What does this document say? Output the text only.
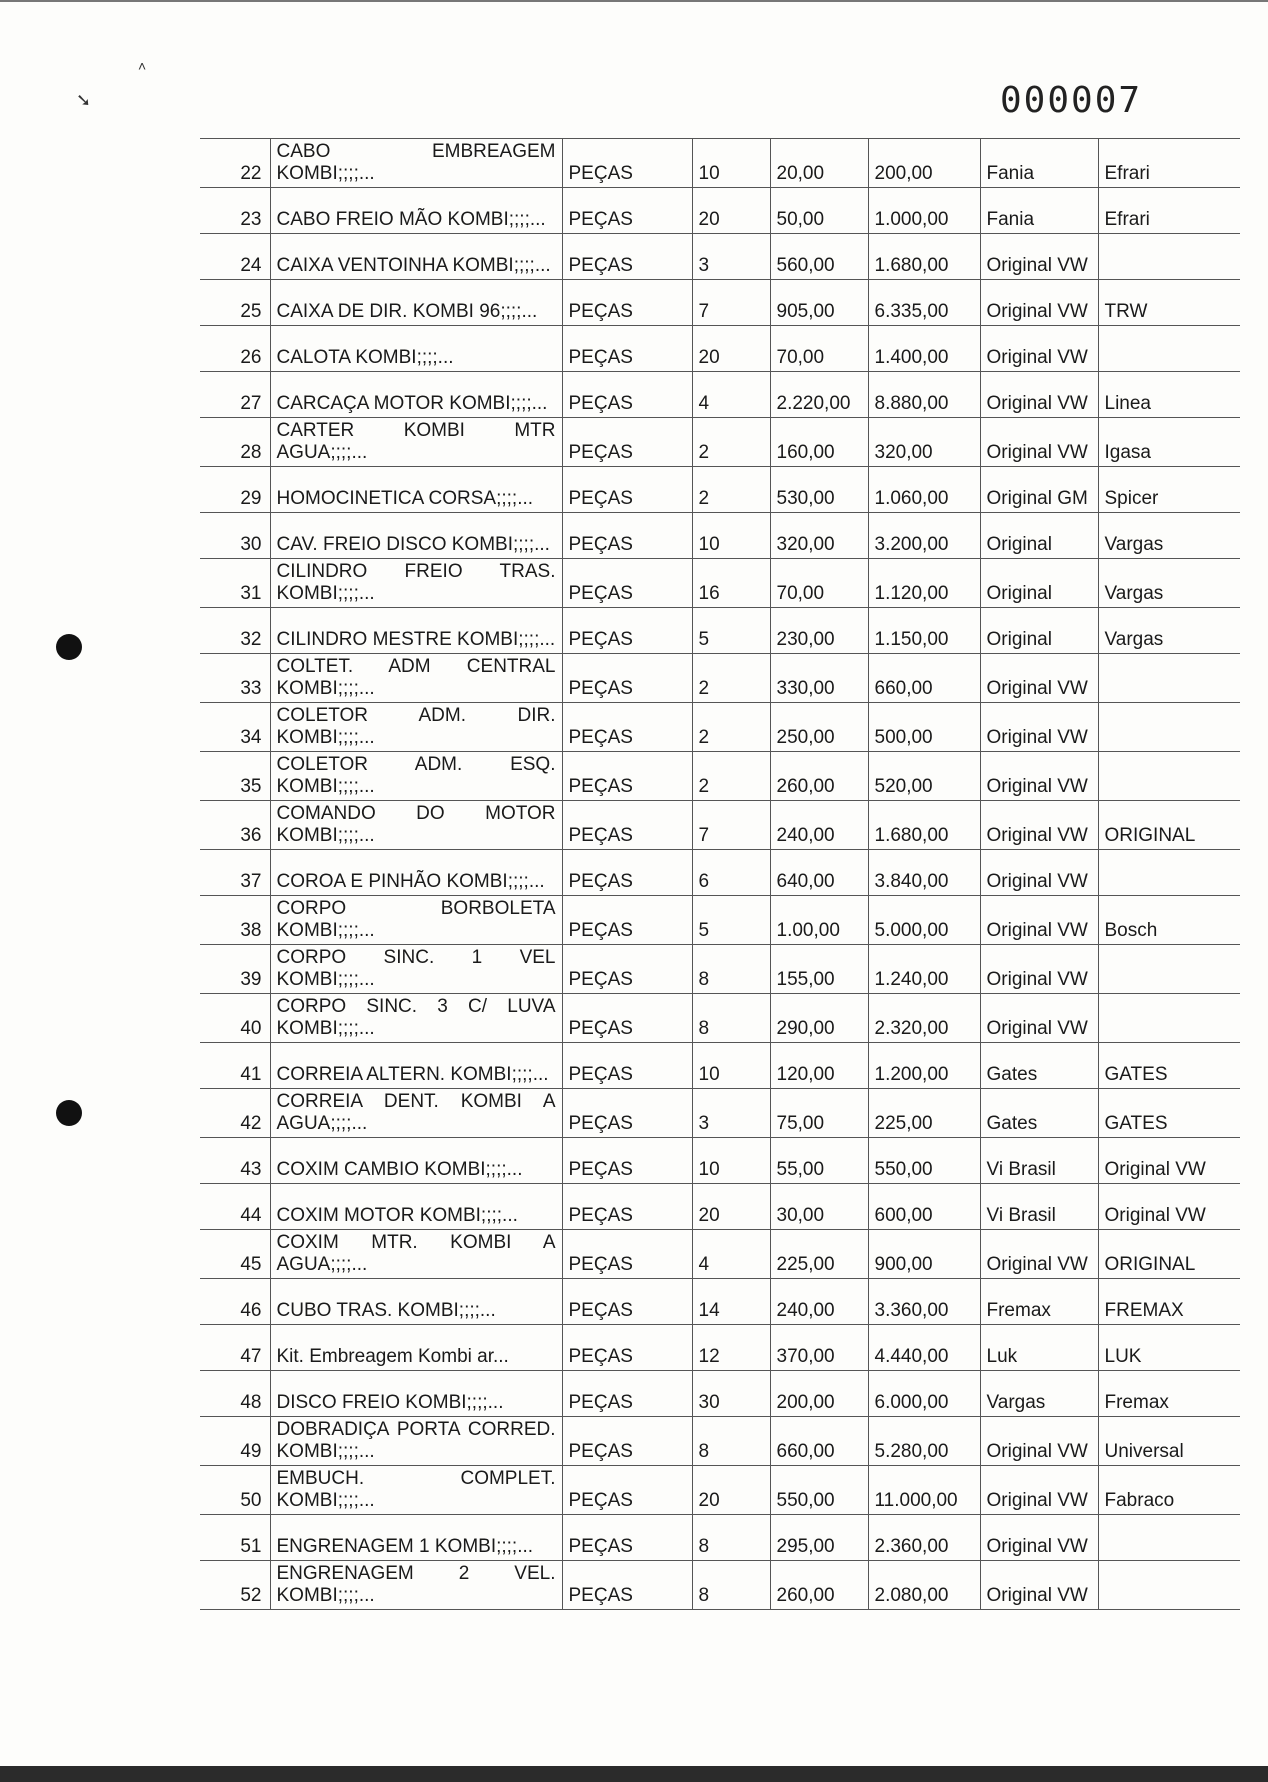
˄
➘	000007
22	CABO EMBREAGEM KOMBI;;;;...	PEÇAS	10	20,00	200,00	Fania	Efrari
23	CABO FREIO MÃO KOMBI;;;;...	PEÇAS	20	50,00	1.000,00	Fania	Efrari
24	CAIXA VENTOINHA KOMBI;;;;...	PEÇAS	3	560,00	1.680,00	Original VW	
25	CAIXA DE DIR. KOMBI 96;;;;...	PEÇAS	7	905,00	6.335,00	Original VW	TRW
26	CALOTA KOMBI;;;;...	PEÇAS	20	70,00	1.400,00	Original VW	
27	CARCAÇA MOTOR KOMBI;;;;...	PEÇAS	4	2.220,00	8.880,00	Original VW	Linea
28	CARTER KOMBI MTR AGUA;;;;...	PEÇAS	2	160,00	320,00	Original VW	Igasa
29	HOMOCINETICA CORSA;;;;...	PEÇAS	2	530,00	1.060,00	Original GM	Spicer
30	CAV. FREIO DISCO KOMBI;;;;...	PEÇAS	10	320,00	3.200,00	Original	Vargas
31	CILINDRO FREIO TRAS. KOMBI;;;;...	PEÇAS	16	70,00	1.120,00	Original	Vargas
32	CILINDRO MESTRE KOMBI;;;;...	PEÇAS	5	230,00	1.150,00	Original	Vargas
33	COLTET. ADM CENTRAL KOMBI;;;;...	PEÇAS	2	330,00	660,00	Original VW	
34	COLETOR ADM. DIR. KOMBI;;;;...	PEÇAS	2	250,00	500,00	Original VW	
35	COLETOR ADM. ESQ. KOMBI;;;;...	PEÇAS	2	260,00	520,00	Original VW	
36	COMANDO DO MOTOR KOMBI;;;;...	PEÇAS	7	240,00	1.680,00	Original VW	ORIGINAL
37	COROA E PINHÃO KOMBI;;;;...	PEÇAS	6	640,00	3.840,00	Original VW	
38	CORPO BORBOLETA KOMBI;;;;...	PEÇAS	5	1.00,00	5.000,00	Original VW	Bosch
39	CORPO SINC. 1 VEL KOMBI;;;;...	PEÇAS	8	155,00	1.240,00	Original VW	
40	CORPO SINC. 3 C/ LUVA KOMBI;;;;...	PEÇAS	8	290,00	2.320,00	Original VW	
41	CORREIA ALTERN. KOMBI;;;;...	PEÇAS	10	120,00	1.200,00	Gates	GATES
42	CORREIA DENT. KOMBI A AGUA;;;;...	PEÇAS	3	75,00	225,00	Gates	GATES
43	COXIM CAMBIO KOMBI;;;;...	PEÇAS	10	55,00	550,00	Vi Brasil	Original VW
44	COXIM MOTOR KOMBI;;;;...	PEÇAS	20	30,00	600,00	Vi Brasil	Original VW
45	COXIM MTR. KOMBI A AGUA;;;;...	PEÇAS	4	225,00	900,00	Original VW	ORIGINAL
46	CUBO TRAS. KOMBI;;;;...	PEÇAS	14	240,00	3.360,00	Fremax	FREMAX
47	Kit. Embreagem Kombi ar...	PEÇAS	12	370,00	4.440,00	Luk	LUK
48	DISCO FREIO KOMBI;;;;...	PEÇAS	30	200,00	6.000,00	Vargas	Fremax
49	DOBRADIÇA PORTA CORRED. KOMBI;;;;...	PEÇAS	8	660,00	5.280,00	Original VW	Universal
50	EMBUCH. COMPLET. KOMBI;;;;...	PEÇAS	20	550,00	11.000,00	Original VW	Fabraco
51	ENGRENAGEM 1 KOMBI;;;;...	PEÇAS	8	295,00	2.360,00	Original VW	
52	ENGRENAGEM 2 VEL. KOMBI;;;;...	PEÇAS	8	260,00	2.080,00	Original VW	
